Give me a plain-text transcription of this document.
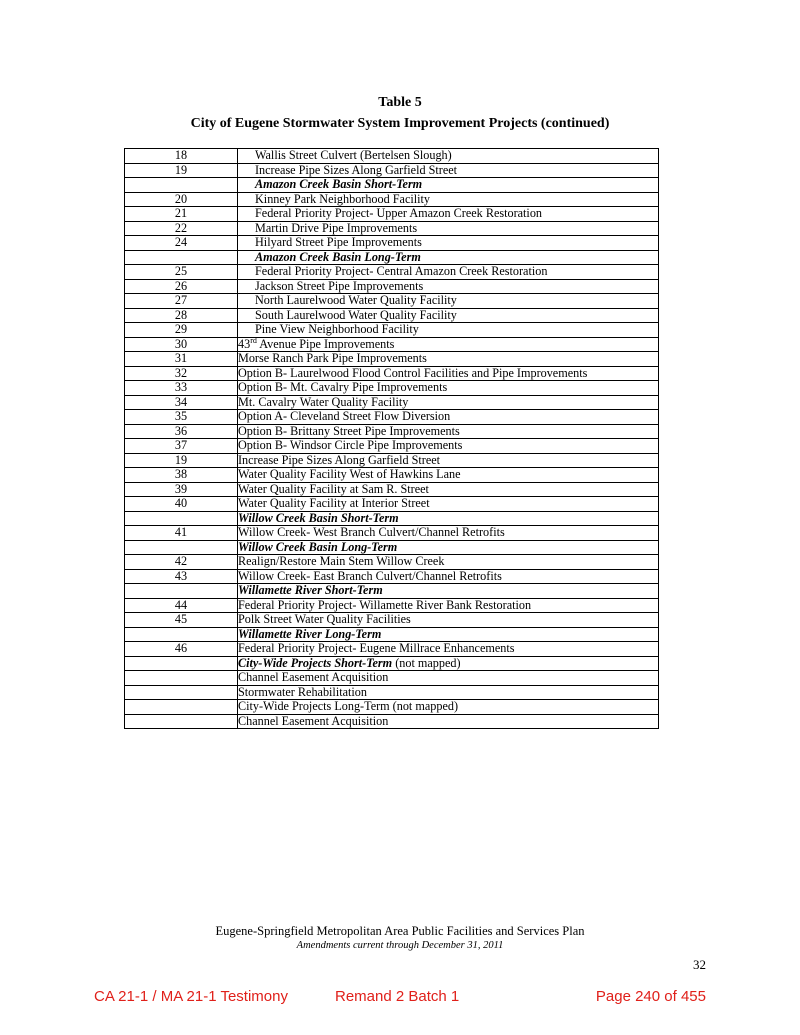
Table 5
City of Eugene Stormwater System Improvement Projects (continued)
18	Wallis Street Culvert (Bertelsen Slough)
19	Increase Pipe Sizes Along Garfield Street
	Amazon Creek Basin Short-Term
20	Kinney Park Neighborhood Facility
21	Federal Priority Project- Upper Amazon Creek Restoration
22	Martin Drive Pipe Improvements
24	Hilyard Street Pipe Improvements
	Amazon Creek Basin Long-Term
25	Federal Priority Project- Central Amazon Creek Restoration
26	Jackson Street Pipe Improvements
27	North Laurelwood Water Quality Facility
28	South Laurelwood Water Quality Facility
29	Pine View Neighborhood Facility
30	43rd Avenue Pipe Improvements
31	Morse Ranch Park Pipe Improvements
32	Option B- Laurelwood Flood Control Facilities and Pipe Improvements
33	Option B- Mt. Cavalry Pipe Improvements
34	Mt. Cavalry Water Quality Facility
35	Option A- Cleveland Street Flow Diversion
36	Option B- Brittany Street Pipe Improvements
37	Option B- Windsor Circle Pipe Improvements
19	Increase Pipe Sizes Along Garfield Street
38	Water Quality Facility West of Hawkins Lane
39	Water Quality Facility at Sam R. Street
40	Water Quality Facility at Interior Street
	Willow Creek Basin Short-Term
41	Willow Creek- West Branch Culvert/Channel Retrofits
	Willow Creek Basin Long-Term
42	Realign/Restore Main Stem Willow Creek
43	Willow Creek- East Branch Culvert/Channel Retrofits
	Willamette River Short-Term
44	Federal Priority Project- Willamette River Bank Restoration
45	Polk Street Water Quality Facilities
	Willamette River Long-Term
46	Federal Priority Project- Eugene Millrace Enhancements
	City-Wide Projects Short-Term (not mapped)
	Channel Easement Acquisition
	Stormwater Rehabilitation
	City-Wide Projects Long-Term (not mapped)
	Channel Easement Acquisition
Eugene-Springfield Metropolitan Area Public Facilities and Services Plan
Amendments current through December 31, 2011
32
CA 21-1 / MA 21-1 Testimony	Remand 2 Batch 1	Page 240 of 455
